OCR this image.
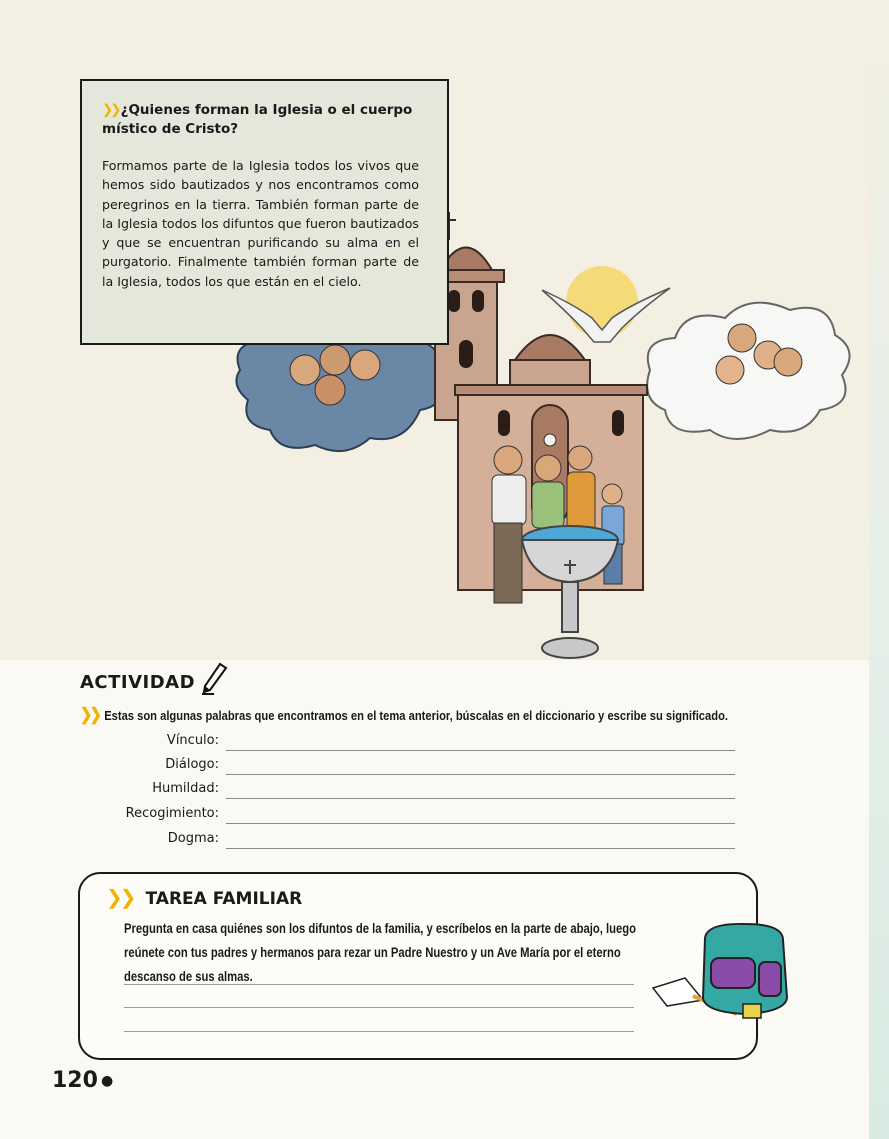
❯❯ ¿Quienes forman la Iglesia o el cuerpo místico de Cristo?
Formamos parte de la Iglesia todos los vivos que hemos sido bautizados y nos encontramos como peregrinos en la tierra. También forman parte de la Iglesia todos los difuntos que fueron bautizados y que se encuentran purificando su alma en el purgatorio. Finalmente también forman parte de la Iglesia, todos los que están en el cielo.
ACTIVIDAD
❯❯ Estas son algunas palabras que encontramos en el tema anterior, búscalas en el diccionario y escribe su significado.
Vínculo:
Diálogo:
Humildad:
Recogimiento:
Dogma:
❯❯ TAREA FAMILIAR
Pregunta en casa quiénes son los difuntos de la familia, y escríbelos en la parte de abajo, luego reúnete con tus padres y hermanos para rezar un Padre Nuestro y un Ave María por el eterno descanso de sus almas.
120 ●
